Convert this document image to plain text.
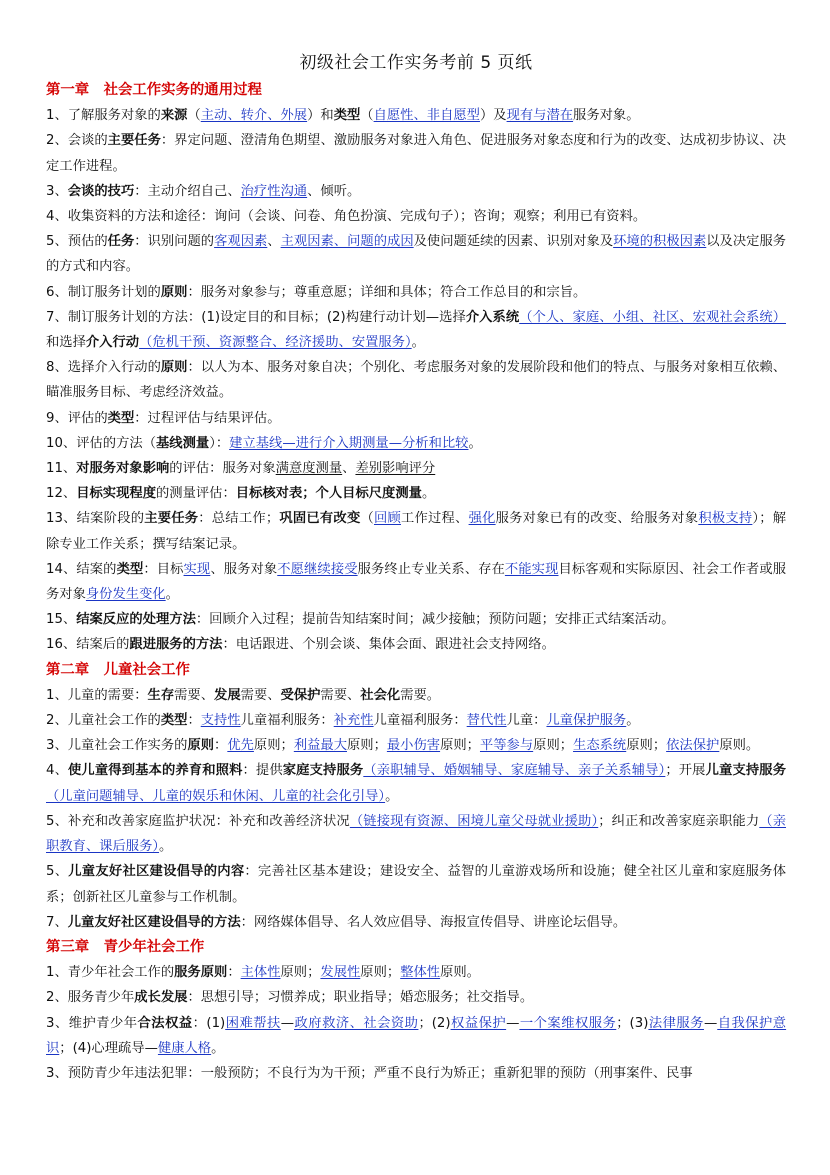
初级社会工作实务考前 5 页纸
第一章　社会工作实务的通用过程
1、了解服务对象的来源（主动、转介、外展）和类型（自愿性、非自愿型）及现有与潜在服务对象。
2、会谈的主要任务：界定问题、澄清角色期望、激励服务对象进入角色、促进服务对象态度和行为的改变、达成初步协议、决定工作进程。
3、会谈的技巧：主动介绍自己、治疗性沟通、倾听。
4、收集资料的方法和途径：询问（会谈、问卷、角色扮演、完成句子）；咨询；观察；利用已有资料。
5、预估的任务：识别问题的客观因素、主观因素、问题的成因及使问题延续的因素、识别对象及环境的积极因素以及决定服务的方式和内容。
6、制订服务计划的原则：服务对象参与；尊重意愿；详细和具体；符合工作总目的和宗旨。
7、制订服务计划的方法：(1)设定目的和目标；(2)构建行动计划—选择介入系统（个人、家庭、小组、社区、宏观社会系统）和选择介入行动（危机干预、资源整合、经济援助、安置服务）。
8、选择介入行动的原则：以人为本、服务对象自决；个别化、考虑服务对象的发展阶段和他们的特点、与服务对象相互依赖、瞄准服务目标、考虑经济效益。
9、评估的类型：过程评估与结果评估。
10、评估的方法（基线测量）：建立基线—进行介入期测量—分析和比较。
11、对服务对象影响的评估：服务对象满意度测量、差别影响评分
12、目标实现程度的测量评估：目标核对表；个人目标尺度测量。
13、结案阶段的主要任务：总结工作；巩固已有改变（回顾工作过程、强化服务对象已有的改变、给服务对象积极支持）；解除专业工作关系；撰写结案记录。
14、结案的类型：目标实现、服务对象不愿继续接受服务终止专业关系、存在不能实现目标客观和实际原因、社会工作者或服务对象身份发生变化。
15、结案反应的处理方法：回顾介入过程；提前告知结案时间；减少接触；预防问题；安排正式结案活动。
16、结案后的跟进服务的方法：电话跟进、个别会谈、集体会面、跟进社会支持网络。
第二章　儿童社会工作
1、儿童的需要：生存需要、发展需要、受保护需要、社会化需要。
2、儿童社会工作的类型：支持性儿童福利服务：补充性儿童福利服务：替代性儿童：儿童保护服务。
3、儿童社会工作实务的原则：优先原则；利益最大原则；最小伤害原则；平等参与原则；生态系统原则；依法保护原则。
4、使儿童得到基本的养育和照料：提供家庭支持服务（亲职辅导、婚姻辅导、家庭辅导、亲子关系辅导）；开展儿童支持服务（儿童问题辅导、儿童的娱乐和休闲、儿童的社会化引导）。
5、补充和改善家庭监护状况：补充和改善经济状况（链接现有资源、困境儿童父母就业援助）；纠正和改善家庭亲职能力（亲职教育、课后服务）。
5、儿童友好社区建设倡导的内容：完善社区基本建设；建设安全、益智的儿童游戏场所和设施；健全社区儿童和家庭服务体系；创新社区儿童参与工作机制。
7、儿童友好社区建设倡导的方法：网络媒体倡导、名人效应倡导、海报宣传倡导、讲座论坛倡导。
第三章　青少年社会工作
1、青少年社会工作的服务原则：主体性原则；发展性原则；整体性原则。
2、服务青少年成长发展：思想引导；习惯养成；职业指导；婚恋服务；社交指导。
3、维护青少年合法权益：(1)困难帮扶—政府救济、社会资助；(2)权益保护—一个案维权服务；(3)法律服务—自我保护意识；(4)心理疏导—健康人格。
3、预防青少年违法犯罪：一般预防；不良行为为干预；严重不良行为矫正；重新犯罪的预防（刑事案件、民事
